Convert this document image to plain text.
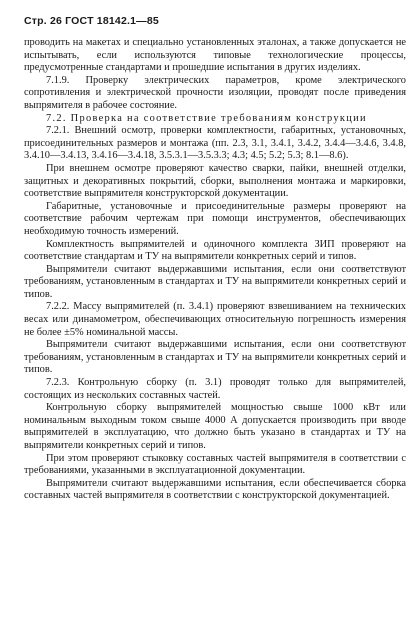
Стр. 26 ГОСТ 18142.1—85

проводить на макетах и специально установленных эталонах, а также допускается не испытывать, если используются типовые технологические процессы, предусмотренные стандартами и прошедшие испытания в других изделиях.

7.1.9. Проверку электрических параметров, кроме электрического сопротивления и электрической прочности изоляции, проводят после приведения выпрямителя в рабочее состояние.

7.2. Проверка на соответствие требованиям конструкции

7.2.1. Внешний осмотр, проверки комплектности, габаритных, установочных, присоединительных размеров и монтажа (пп. 2.3, 3.1, 3.4.1, 3.4.2, 3.4.4—3.4.6, 3.4.8, 3.4.10—3.4.13, 3.4.16—3.4.18, 3.5.3.1—3.5.3.3; 4.3; 4.5; 5.2; 5.3; 8.1—8.6).

При внешнем осмотре проверяют качество сварки, пайки, внешней отделки, защитных и декоративных покрытий, сборки, выполнения монтажа и маркировки, соответствие выпрямителя конструкторской документации.

Габаритные, установочные и присоединительные размеры проверяют на соответствие рабочим чертежам при помощи инструментов, обеспечивающих необходимую точность измерений.

Комплектность выпрямителей и одиночного комплекта ЗИП проверяют на соответствие стандартам и ТУ на выпрямители конкретных серий и типов.

Выпрямители считают выдержавшими испытания, если они соответствуют требованиям, установленным в стандартах и ТУ на выпрямители конкретных серий и типов.

7.2.2. Массу выпрямителей (п. 3.4.1) проверяют взвешиванием на технических весах или динамометром, обеспечивающих относительную погрешность измерения не более ±5% номинальной массы.

Выпрямители считают выдержавшими испытания, если они соответствуют требованиям, установленным в стандартах и ТУ на выпрямители конкретных серий и типов.

7.2.3. Контрольную сборку (п. 3.1) проводят только для выпрямителей, состоящих из нескольких составных частей.

Контрольную сборку выпрямителей мощностью свыше 1000 кВт или номинальным выходным током свыше 4000 А допускается производить при вводе выпрямителей в эксплуатацию, что должно быть указано в стандартах и ТУ на выпрямители конкретных серий и типов.

При этом проверяют стыковку составных частей выпрямителя в соответствии с требованиями, указанными в эксплуатационной документации.

Выпрямители считают выдержавшими испытания, если обеспечивается сборка составных частей выпрямителя в соответствии с конструкторской документацией.
